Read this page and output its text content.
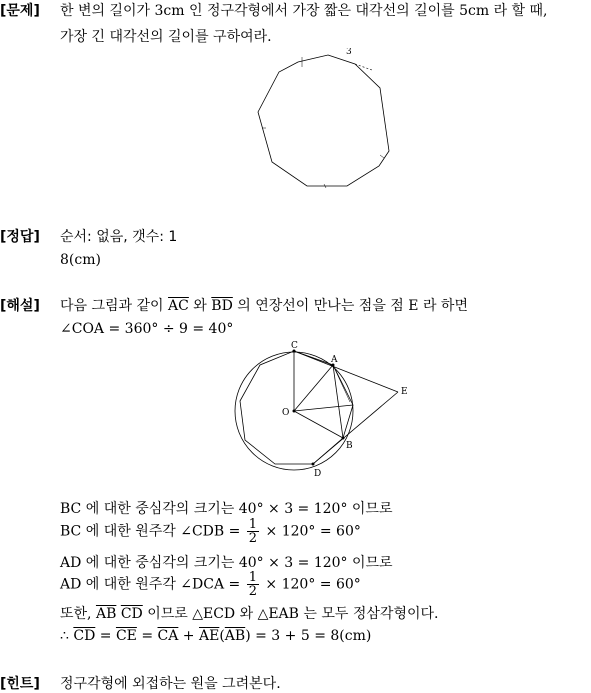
[문제] 한 변의 길이가 3cm 인 정구각형에서 가장 짧은 대각선의 길이를 5cm 라 할 때,
가장 긴 대각선의 길이를 구하여라.
3
[정답] 순서: 없음, 갯수: 1
8(cm)
[해설] 다음 그림과 같이 $\overline{AC}$ 와 $\overline{BD}$ 의 연장선이 만나는 점을 점 E 라 하면
∠COA = 360° ÷ 9 = 40°
C
A
O
B
D
E
BC 에 대한 중심각의 크기는 40° × 3 = 120° 이므로
BC 에 대한 원주각 ∠CDB = $\frac{1}{2} \times 120^\circ = 60^\circ$
AD 에 대한 중심각의 크기는 40° × 3 = 120° 이므로
AD 에 대한 원주각 ∠DCA = $\frac{1}{2} \times 120^\circ = 60^\circ$
또한, $\overline{AB}$ $\overline{CD}$ 이므로 △ECD 와 △EAB 는 모두 정삼각형이다.
∴ $\overline{CD} = \overline{CE} = \overline{CA} + \overline{AE}(\overline{AB}) = 3 + 5 = 8(cm)$
[힌트] 정구각형에 외접하는 원을 그려본다.
